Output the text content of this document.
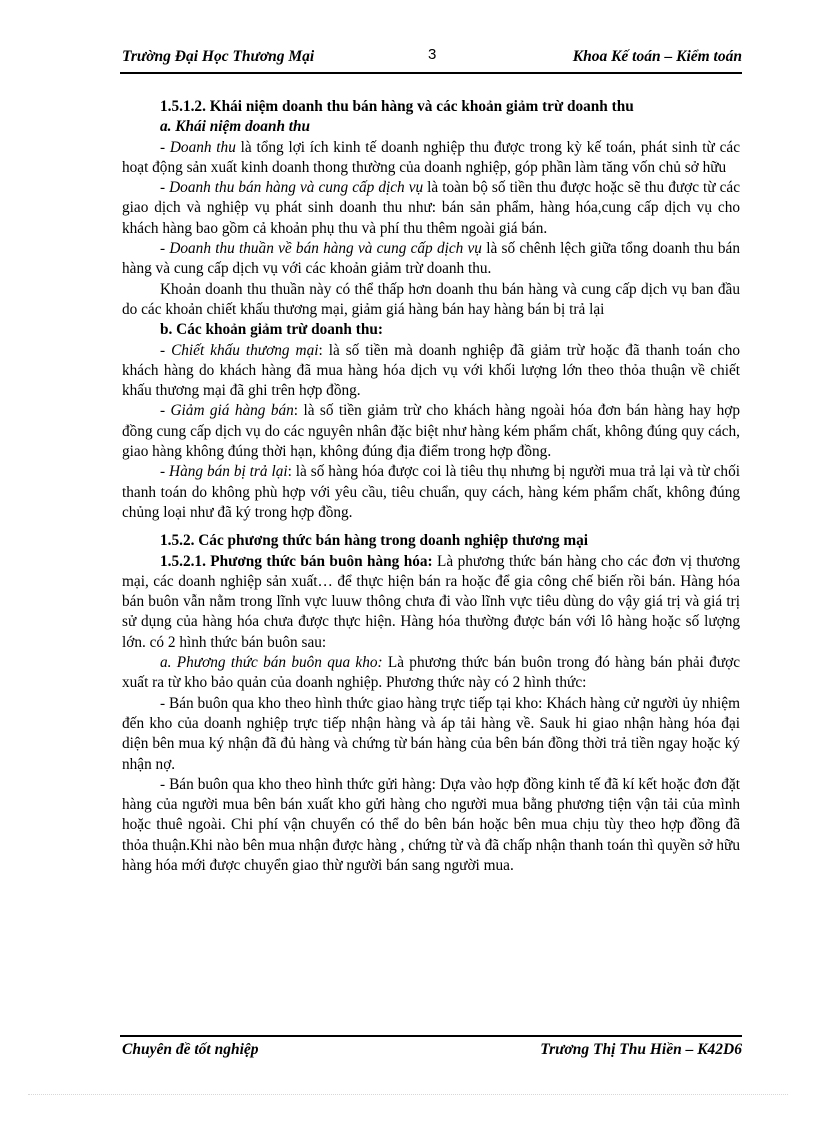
Trường Đại Học Thương Mại	3	Khoa Kế toán – Kiểm toán

1.5.1.2. Khái niệm doanh thu bán hàng và các khoản giảm trừ doanh thu

a. Khái niệm doanh thu

- Doanh thu là tổng lợi ích kinh tế doanh nghiệp thu được trong kỳ kế toán, phát sinh từ các hoạt động sản xuất kinh doanh thong thường của doanh nghiệp, góp phần làm tăng vốn chủ sở hữu

- Doanh thu bán hàng và cung cấp dịch vụ là toàn bộ số tiền thu được hoặc sẽ thu được từ các giao dịch và nghiệp vụ phát sinh doanh thu như: bán sản phẩm, hàng hóa,cung cấp dịch vụ cho khách hàng bao gồm cả khoản phụ thu và phí thu thêm ngoài giá bán.

- Doanh thu thuần về bán hàng và cung cấp dịch vụ là số chênh lệch giữa tổng doanh thu bán hàng và cung cấp dịch vụ với các khoản giảm trừ doanh thu.

Khoản doanh thu thuần này có thể thấp hơn doanh thu bán hàng và cung cấp dịch vụ ban đầu do các khoản chiết khấu thương mại, giảm giá hàng bán hay hàng bán bị trả lại

b. Các khoản giảm trừ doanh thu:

- Chiết khấu thương mại: là số tiền mà doanh nghiệp đã giảm trừ hoặc đã thanh toán cho khách hàng do khách hàng đã mua hàng hóa dịch vụ với khối lượng lớn theo thỏa thuận về chiết khấu thương mại đã ghi trên hợp đồng.

- Giảm giá hàng bán: là số tiền giảm trừ cho khách hàng ngoài hóa đơn bán hàng hay hợp đồng cung cấp dịch vụ do các nguyên nhân đặc biệt như hàng kém phẩm chất, không đúng quy cách, giao hàng không đúng thời hạn, không đúng địa điểm trong hợp đồng.

- Hàng bán bị trả lại: là số hàng hóa được coi là tiêu thụ nhưng bị người mua trả lại và từ chối thanh toán do không phù hợp với yêu cầu, tiêu chuẩn, quy cách, hàng kém phẩm chất, không đúng chủng loại như đã ký trong hợp đồng.

1.5.2. Các phương thức bán hàng trong doanh nghiệp thương mại

1.5.2.1. Phương thức bán buôn hàng hóa: Là phương thức bán hàng cho các đơn vị thương mại, các doanh nghiệp sản xuất… để thực hiện bán ra hoặc để gia công chế biến rồi bán. Hàng hóa bán buôn vẫn nằm trong lĩnh vực luuw thông chưa đi vào lĩnh vực tiêu dùng do vậy giá trị và giá trị sử dụng của hàng hóa chưa được thực hiện. Hàng hóa thường được bán với lô hàng hoặc số lượng lớn. có 2 hình thức bán buôn sau:

a. Phương thức bán buôn qua kho: Là phương thức bán buôn trong đó hàng bán phải được xuất ra từ kho bảo quản của doanh nghiệp. Phương thức này có 2 hình thức:

- Bán buôn qua kho theo hình thức giao hàng trực tiếp tại kho: Khách hàng cử người ủy nhiệm đến kho của doanh nghiệp trực tiếp nhận hàng và áp tải hàng về. Sauk hi giao nhận hàng hóa đại diện bên mua ký nhận đã đủ hàng và chứng từ bán hàng của bên bán đồng thời trả tiền ngay hoặc ký nhận nợ.

- Bán buôn qua kho theo hình thức gửi hàng: Dựa vào hợp đồng kinh tế đã kí kết hoặc đơn đặt hàng của người mua bên bán xuất kho gửi hàng cho người mua bằng phương tiện vận tải của mình hoặc thuê ngoài. Chi phí vận chuyển có thể do bên bán hoặc bên mua chịu tùy theo hợp đồng đã thỏa thuận.Khi nào bên mua nhận được hàng , chứng từ và đã chấp nhận thanh toán thì quyền sở hữu hàng hóa mới được chuyển giao thừ người bán sang người mua.

Chuyên đề tốt nghiệp	Trương Thị Thu Hiền – K42D6
